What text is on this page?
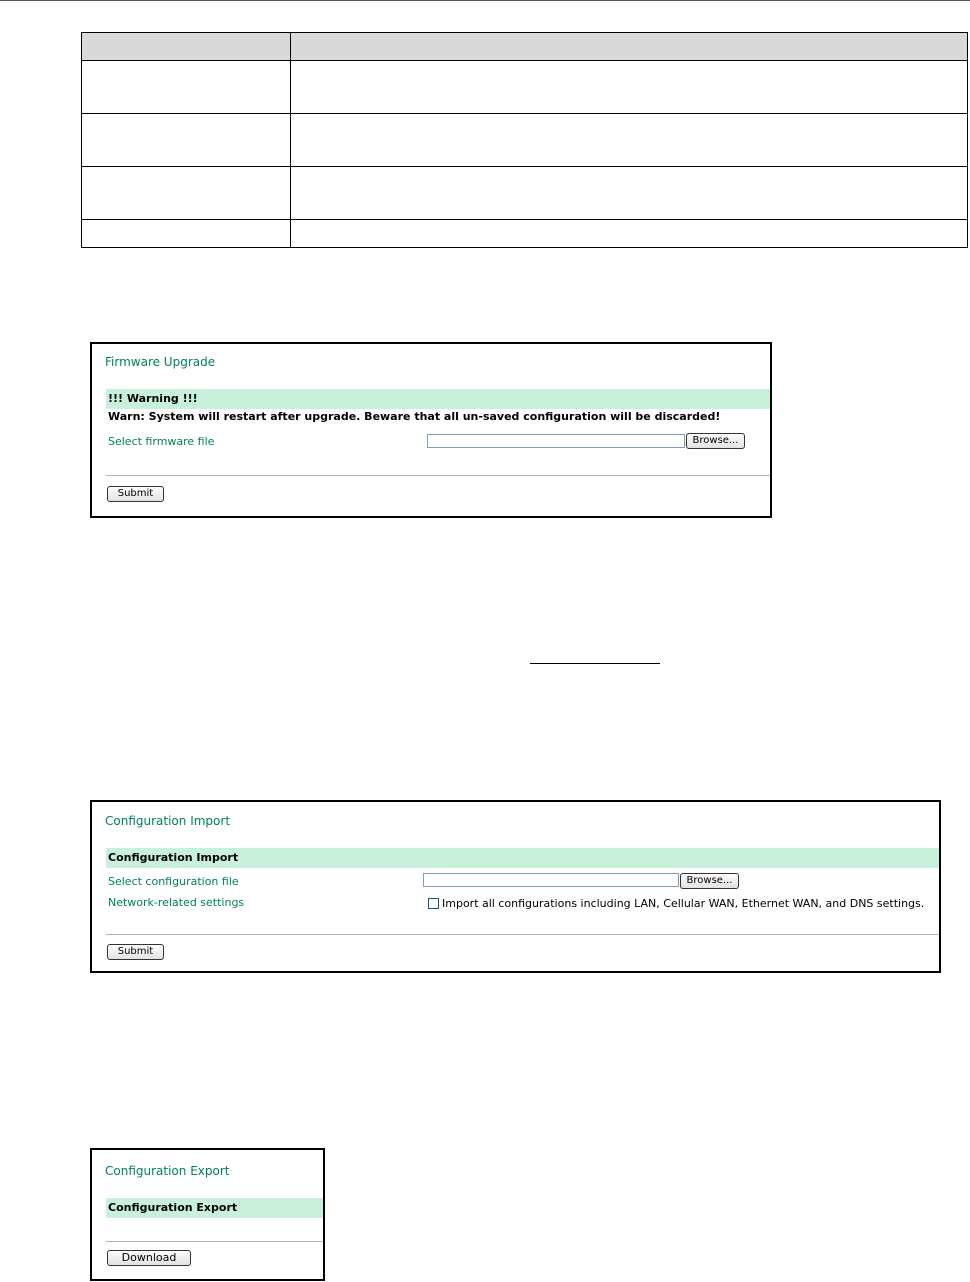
Firmware Upgrade
!!! Warning !!!
Warn: System will restart after upgrade. Beware that all un-saved configuration will be discarded!
Select firmware file	Browse...
Submit
Configuration Import
Configuration Import
Select configuration file	Browse...
Network-related settings	Import all configurations including LAN, Cellular WAN, Ethernet WAN, and DNS settings.
Submit
Configuration Export
Configuration Export
Download
